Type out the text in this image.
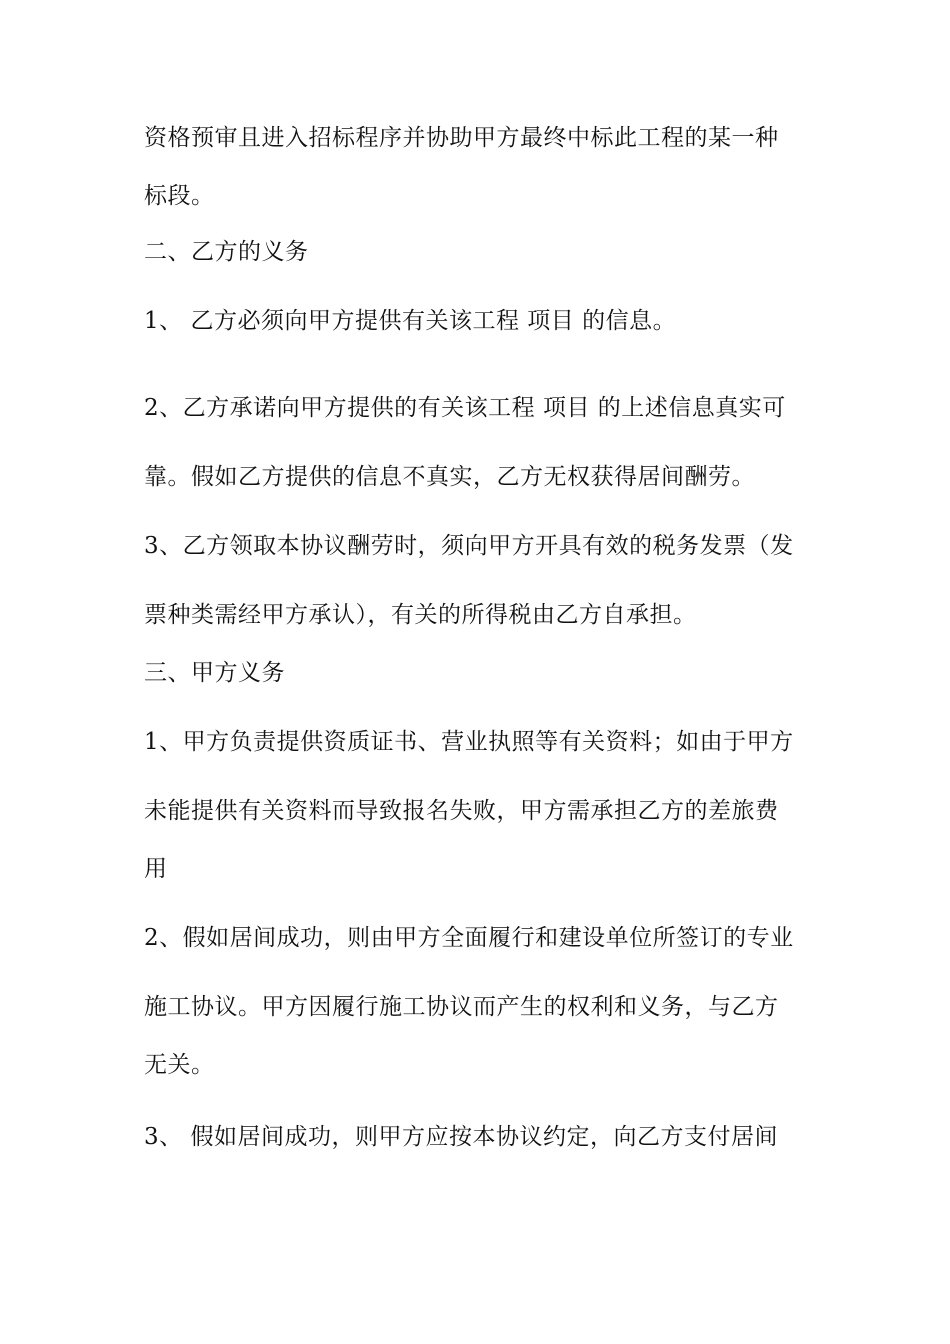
资格预审且进入招标程序并协助甲方最终中标此工程的某一种
标段。
二、乙方的义务
1、 乙方必须向甲方提供有关该工程 项目 的信息。
2、乙方承诺向甲方提供的有关该工程 项目 的上述信息真实可
靠。假如乙方提供的信息不真实，乙方无权获得居间酬劳。
3、乙方领取本协议酬劳时，须向甲方开具有效的税务发票（发
票种类需经甲方承认），有关的所得税由乙方自承担。
三、甲方义务
1、甲方负责提供资质证书、营业执照等有关资料；如由于甲方
未能提供有关资料而导致报名失败，甲方需承担乙方的差旅费
用
2、假如居间成功，则由甲方全面履行和建设单位所签订的专业
施工协议。甲方因履行施工协议而产生的权利和义务，与乙方
无关。
3、 假如居间成功，则甲方应按本协议约定，向乙方支付居间
